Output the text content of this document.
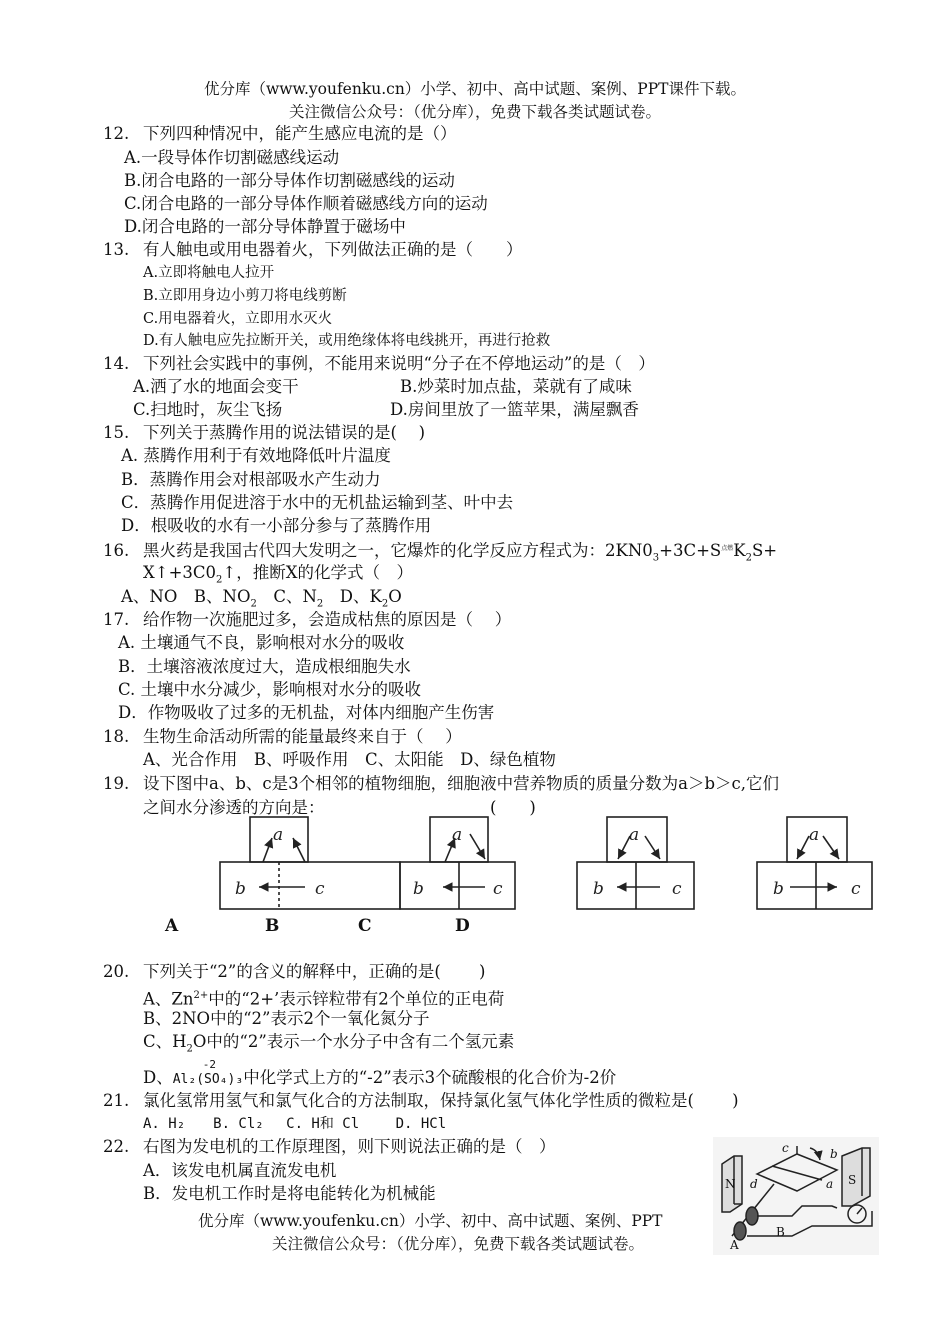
优分库（www.youfenku.cn）小学、初中、高中试题、案例、PPT课件下载。
关注微信公众号：（优分库），免费下载各类试题试卷。
12. 下列四种情况中，能产生感应电流的是（）
A.一段导体作切割磁感线运动
B.闭合电路的一部分导体作切割磁感线的运动
C.闭合电路的一部分导体作顺着磁感线方向的运动
D.闭合电路的一部分导体静置于磁场中
13. 有人触电或用电器着火，下列做法正确的是（　　）
A.立即将触电人拉开
B.立即用身边小剪刀将电线剪断
C.用电器着火，立即用水灭火
D.有人触电应先拉断开关，或用绝缘体将电线挑开，再进行抢救
14. 下列社会实践中的事例，不能用来说明“分子在不停地运动”的是（　）
A.洒了水的地面会变干	B.炒菜时加点盐，菜就有了咸味
C.扫地时，灰尘飞扬	D.房间里放了一篮苹果，满屋飘香
15. 下列关于蒸腾作用的说法错误的是(　 )
A. 蒸腾作用利于有效地降低叶片温度
B．蒸腾作用会对根部吸水产生动力
C．蒸腾作用促进溶于水中的无机盐运输到茎、叶中去
D．根吸收的水有一小部分参与了蒸腾作用
16. 黑火药是我国古代四大发明之一，它爆炸的化学反应方程式为：$2KN0_3+3C+S^{点燃}K_2S+$
$X↑+3C0_2↑$，推断X的化学式（　）
A、NO　B、$NO_2$　C、$N_2$　D、$K_2O$
17. 给作物一次施肥过多，会造成枯焦的原因是（　 ）
A. 土壤通气不良，影响根对水分的吸收
B．土壤溶液浓度过大，造成根细胞失水
C. 土壤中水分减少，影响根对水分的吸收
D．作物吸收了过多的无机盐，对体内细胞产生伤害
18. 生物生命活动所需的能量最终来自于（　 ）
A、光合作用　B、呼吸作用　C、太阳能　D、绿色植物
19. 设下图中a、b、c是3个相邻的植物细胞，细胞液中营养物质的质量分数为a＞b＞c,它们
之间水分渗透的方向是：	(　　)
a
b	c
a
b	c
a
b	c
a
b	c
A	B	C	D
20. 下列关于“2”的含义的解释中，正确的是(　　 )
A、$Zn^{2+}$中的“2+’表示锌粒带有2个单位的正电荷
B、2NO中的“2”表示2个一氧化氮分子
C、$H_2O$中的“2”表示一个水分子中含有二个氢元素
D、
-2
Al₂(SO₄)₃中化学式上方的“-2”表示3个硫酸根的化合价为-2价
21. 氯化氢常用氢气和氯气化合的方法制取，保持氯化氢气体化学性质的微粒是(　　 )
A. H₂　　B. Cl₂　 C. H和 Cl　　 D. HCl
22. 右图为发电机的工作原理图，则下则说法正确的是（　）
A．该发电机属直流发电机
B．发电机工作时是将电能转化为机械能	N	S
a
b
c
d
A
B
优分库（www.youfenku.cn）小学、初中、高中试题、案例、PPT
关注微信公众号：（优分库），免费下载各类试题试卷。
